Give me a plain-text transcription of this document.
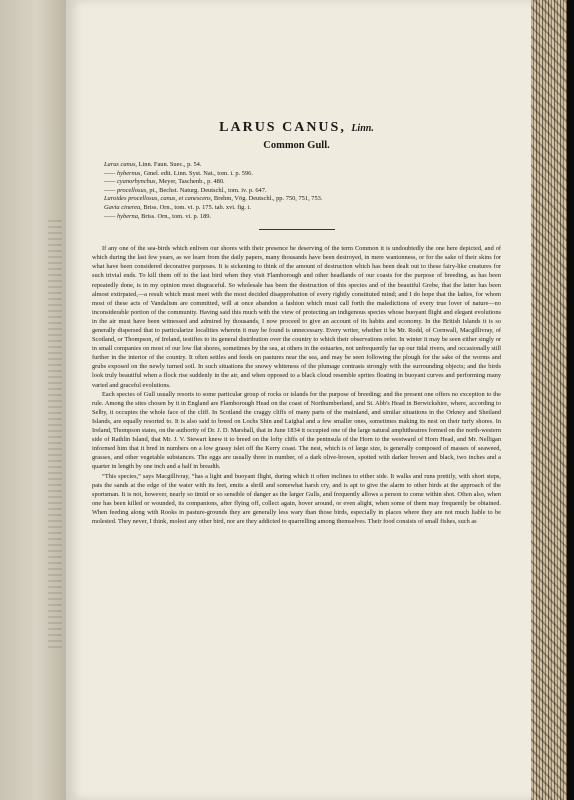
LARUS CANUS, Linn.
Common Gull.
Larus canus, Linn. Faun. Suec., p. 54.
—— hybernus, Gmel. edit. Linn. Syst. Nat., tom. i. p. 596.
—— cyanorhynchus, Meyer, Taschenb., p. 480.
—— procellosus, pt., Bechst. Naturg. Deutschl., tom. iv. p. 647.
Laroides procellosus, canus, et canescens, Brehm, Vög. Deutschl., pp. 750, 751, 753.
Gavia cinerea, Briss. Orn., tom. vi. p. 175. tab. xvi. fig. i.
—— hyberna, Briss. Orn., tom. vi. p. 189.

If any one of the sea-birds which enliven our shores with their presence be deserving of the term Common it is undoubtedly the one here depicted, and of which during the last few years, as we learn from the daily papers, many thousands have been destroyed, in mere wantonness, or for the sake of their skins for what have been considered decorative purposes. It is sickening to think of the amount of destruction which has been dealt out to these fairy-like creatures for such trivial ends. To kill them off to the last bird when they visit Flamborough and other headlands of our coasts for the purpose of breeding, as has been repeatedly done, is in my opinion most disgraceful. So wholesale has been the destruction of this species and of the beautiful Grebe, that the latter has been almost extirpated,—a result which must meet with the most decided disapprobation of every rightly constituted mind; and I do hope that the ladies, for whom most of these acts of Vandalism are committed, will at once abandon a fashion which must call forth the maledictions of every true lover of nature—no inconsiderable portion of the community. Having said this much with the view of protecting an indigenous species whose buoyant flight and elegant evolutions in the air must have been witnessed and admired by thousands, I now proceed to give an account of its habits and economy. In the British Islands it is so generally dispersed that to particularize localities wherein it may be found is unnecessary. Every writer, whether it be Mr. Rodd, of Cornwall, Macgillivray, of Scotland, or Thompson, of Ireland, testifies to its general distribution over the country to which their observations refer. In winter it may be seen either singly or in small companies on most of our low flat shores, sometimes by the sea, at others in the estuaries, not unfrequently far up our tidal rivers, and occasionally still further in the interior of the country. It often settles and feeds on pastures near the sea, and may be seen following the plough for the sake of the worms and grubs exposed on the newly turned soil. In such situations the snowy whiteness of the plumage contrasts strongly with the surrounding objects; and the birds look truly beautiful when a flock rise suddenly in the air, and when opposed to a black cloud resemble sprites floating in buoyant curves and performing many varied and graceful evolutions.

Each species of Gull usually resorts to some particular group of rocks or islands for the purpose of breeding; and the present one offers no exception to the rule. Among the sites chosen by it in England are Flamborough Head on the coast of Northumberland, and St. Abb's Head in Berwickshire, where, according to Selby, it occupies the whole face of the cliff. In Scotland the craggy cliffs of many parts of the mainland, and similar situations in the Orkney and Shetland Islands, are equally resorted to. It is also said to breed on Lochs Shin and Laighal and a few smaller ones, sometimes making its nest on their turfy shores. In Ireland, Thompson states, on the authority of Dr. J. D. Marshall, that in June 1834 it occupied one of the large natural amphitheatres formed on the north-western side of Rathlin Island, that Mr. J. V. Stewart knew it to breed on the lofty cliffs of the peninsula of the Horn to the westward of Horn Head, and Mr. Nelligan informed him that it bred in numbers on a low grassy islet off the Kerry coast. The nest, which is of large size, is generally composed of masses of seaweed, grasses, and other vegetable substances. The eggs are usually three in number, of a dark olive-brown, spotted with darker brown and black, two inches and a quarter in length by one inch and a half in breadth.

“This species,” says Macgillivray, “has a light and buoyant flight, during which it often inclines to either side. It walks and runs prettily, with short steps, pats the sands at the edge of the water with its feet, emits a shrill and somewhat harsh cry, and is apt to give the alarm to other birds at the approach of the sportsman. It is not, however, nearly so timid or so sensible of danger as the larger Gulls, and frequently allows a person to come within shot. Often also, when one has been killed or wounded, its companions, after flying off, collect again, hover around, or even alight, when some of them may frequently be obtained. When feeding along with Rooks in pasture-grounds they are generally less wary than those birds, especially in places where they are not much liable to be molested. They never, I think, molest any other bird, nor are they addicted to quarrelling among themselves. Their food consists of small fishes, such as
